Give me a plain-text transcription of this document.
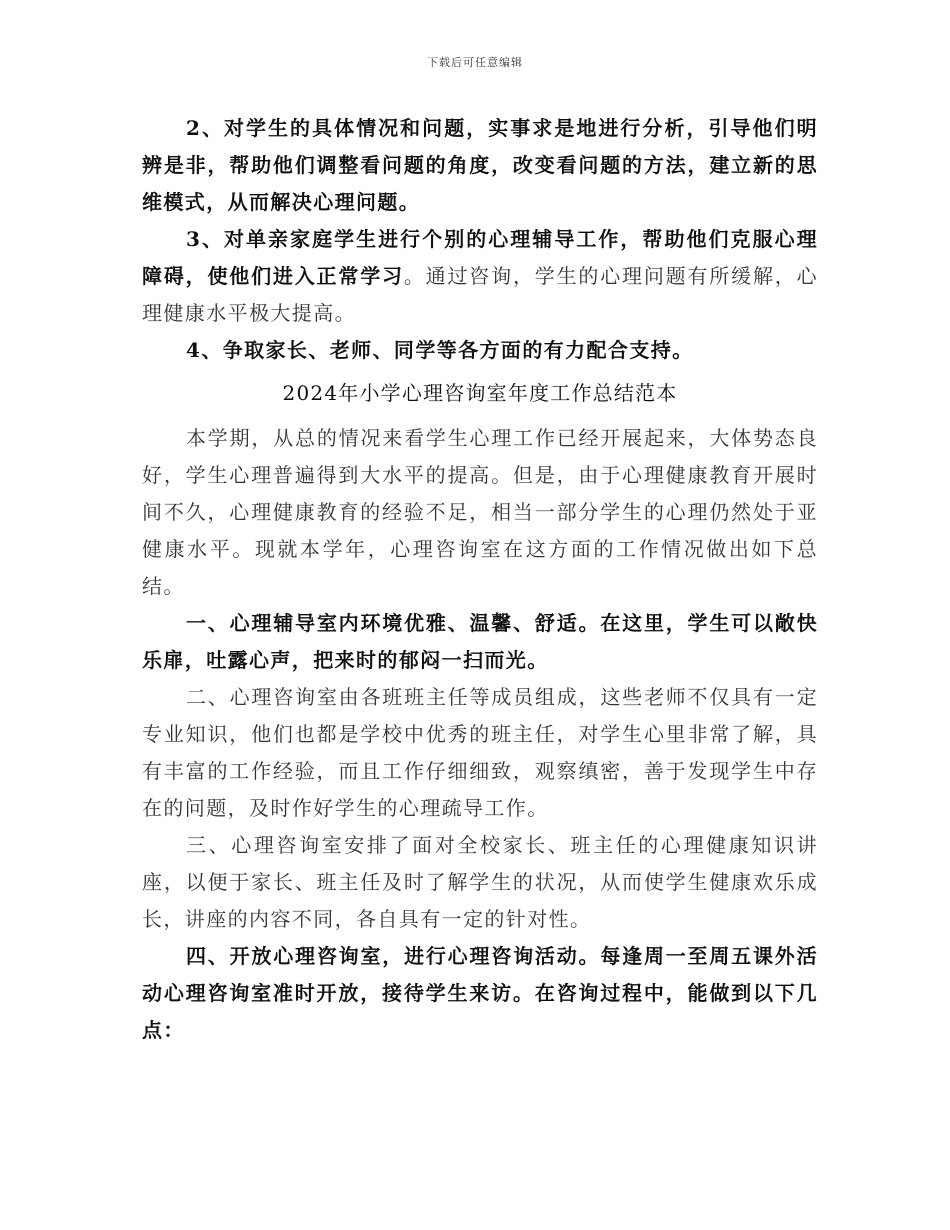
下载后可任意编辑

2、对学生的具体情况和问题，实事求是地进行分析，引导他们明辨是非，帮助他们调整看问题的角度，改变看问题的方法，建立新的思维模式，从而解决心理问题。

3、对单亲家庭学生进行个别的心理辅导工作，帮助他们克服心理障碍，使他们进入正常学习。通过咨询，学生的心理问题有所缓解，心理健康水平极大提高。

4、争取家长、老师、同学等各方面的有力配合支持。

2024年小学心理咨询室年度工作总结范本

本学期，从总的情况来看学生心理工作已经开展起来，大体势态良好，学生心理普遍得到大水平的提高。但是，由于心理健康教育开展时间不久，心理健康教育的经验不足，相当一部分学生的心理仍然处于亚健康水平。现就本学年，心理咨询室在这方面的工作情况做出如下总结。

一、心理辅导室内环境优雅、温馨、舒适。在这里，学生可以敞快乐扉，吐露心声，把来时的郁闷一扫而光。

二、心理咨询室由各班班主任等成员组成，这些老师不仅具有一定专业知识，他们也都是学校中优秀的班主任，对学生心里非常了解，具有丰富的工作经验，而且工作仔细细致，观察缜密，善于发现学生中存在的问题，及时作好学生的心理疏导工作。

三、心理咨询室安排了面对全校家长、班主任的心理健康知识讲座，以便于家长、班主任及时了解学生的状况，从而使学生健康欢乐成长，讲座的内容不同，各自具有一定的针对性。

四、开放心理咨询室，进行心理咨询活动。每逢周一至周五课外活动心理咨询室准时开放，接待学生来访。在咨询过程中，能做到以下几点：
